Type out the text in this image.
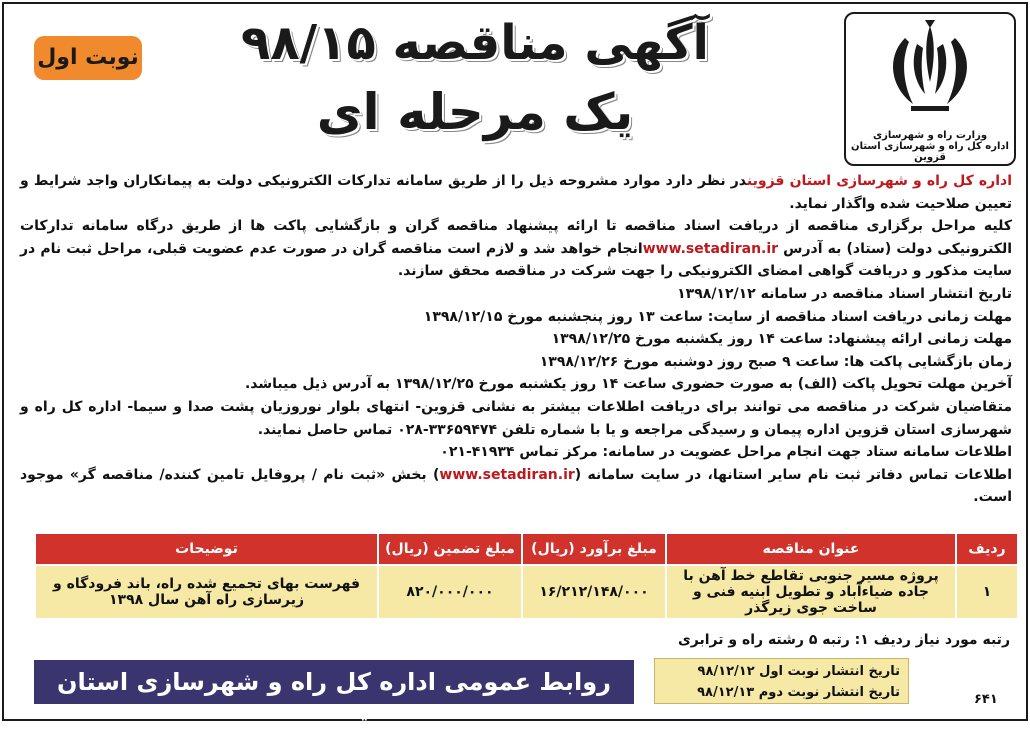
وزارت راه و شهرسازی
اداره کل راه و شهرسازی استان قزوین
آگهی مناقصه ۹۸/۱۵
یک مرحله ای
نوبت اول

اداره کل راه و شهرسازی استان قزویندر نظر دارد موارد مشروحه ذیل را از طریق سامانه تدارکات الکترونیکی دولت به پیمانکاران واجد شرایط و تعیین صلاحیت شده واگذار نماید.

کلیه مراحل برگزاری مناقصه از دریافت اسناد مناقصه تا ارائه پیشنهاد مناقصه گران و بازگشایی پاکت ها از طریق درگاه سامانه تدارکات الکترونیکی دولت (ستاد) به آدرس www.setadiran.irانجام خواهد شد و لازم است مناقصه گران در صورت عدم عضویت قبلی، مراحل ثبت نام در سایت مذکور و دریافت گواهی امضای الکترونیکی را جهت شرکت در مناقصه محقق سازند.

تاریخ انتشار اسناد مناقصه در سامانه ۱۳۹۸/۱۲/۱۲

مهلت زمانی دریافت اسناد مناقصه از سایت: ساعت ۱۳ روز پنجشنبه مورخ ۱۳۹۸/۱۲/۱۵

مهلت زمانی ارائه پیشنهاد: ساعت ۱۴ روز یکشنبه مورخ ۱۳۹۸/۱۲/۲۵

زمان بازگشایی پاکت ها: ساعت ۹ صبح روز دوشنبه مورخ ۱۳۹۸/۱۲/۲۶

آخرین مهلت تحویل پاکت (الف) به صورت حضوری ساعت ۱۴ روز یکشنبه مورخ ۱۳۹۸/۱۲/۲۵ به آدرس ذیل میباشد.

متقاضیان شرکت در مناقصه می توانند برای دریافت اطلاعات بیشتر به نشانی قزوین- انتهای بلوار نوروزیان پشت صدا و سیما- اداره کل راه و شهرسازی استان قزوین اداره پیمان و رسیدگی مراجعه و یا با شماره تلفن ۳۳۶۵۹۴۷۴-۰۲۸ تماس حاصل نمایند.

اطلاعات سامانه ستاد جهت انجام مراحل عضویت در سامانه: مرکز تماس ۴۱۹۳۴-۰۲۱

اطلاعات تماس دفاتر ثبت نام سایر استانها، در سایت سامانه (www.setadiran.ir) بخش «ثبت نام / پروفایل تامین کننده/ مناقصه گر» موجود است.

ردیف	عنوان مناقصه	مبلغ برآورد (ریال)	مبلغ تضمین (ریال)	توضیحات
۱	پروژه مسیر جنوبی تقاطع خط آهن با جاده ضیاءآباد و تطویل ابنیه فنی و ساخت جوی زیرگذر	۱۶/۲۱۲/۱۴۸/۰۰۰	۸۲۰/۰۰۰/۰۰۰	فهرست بهای تجمیع شده راه، باند فرودگاه و زیرسازی راه آهن سال ۱۳۹۸
رتبه مورد نیاز ردیف ۱: رتبه ۵ رشته راه و ترابری
تاریخ انتشار نوبت اول ۹۸/۱۲/۱۲
تاریخ انتشار نوبت دوم ۹۸/۱۲/۱۳
روابط عمومی اداره کل راه و شهرسازی استان قزوین
۶۴۱
